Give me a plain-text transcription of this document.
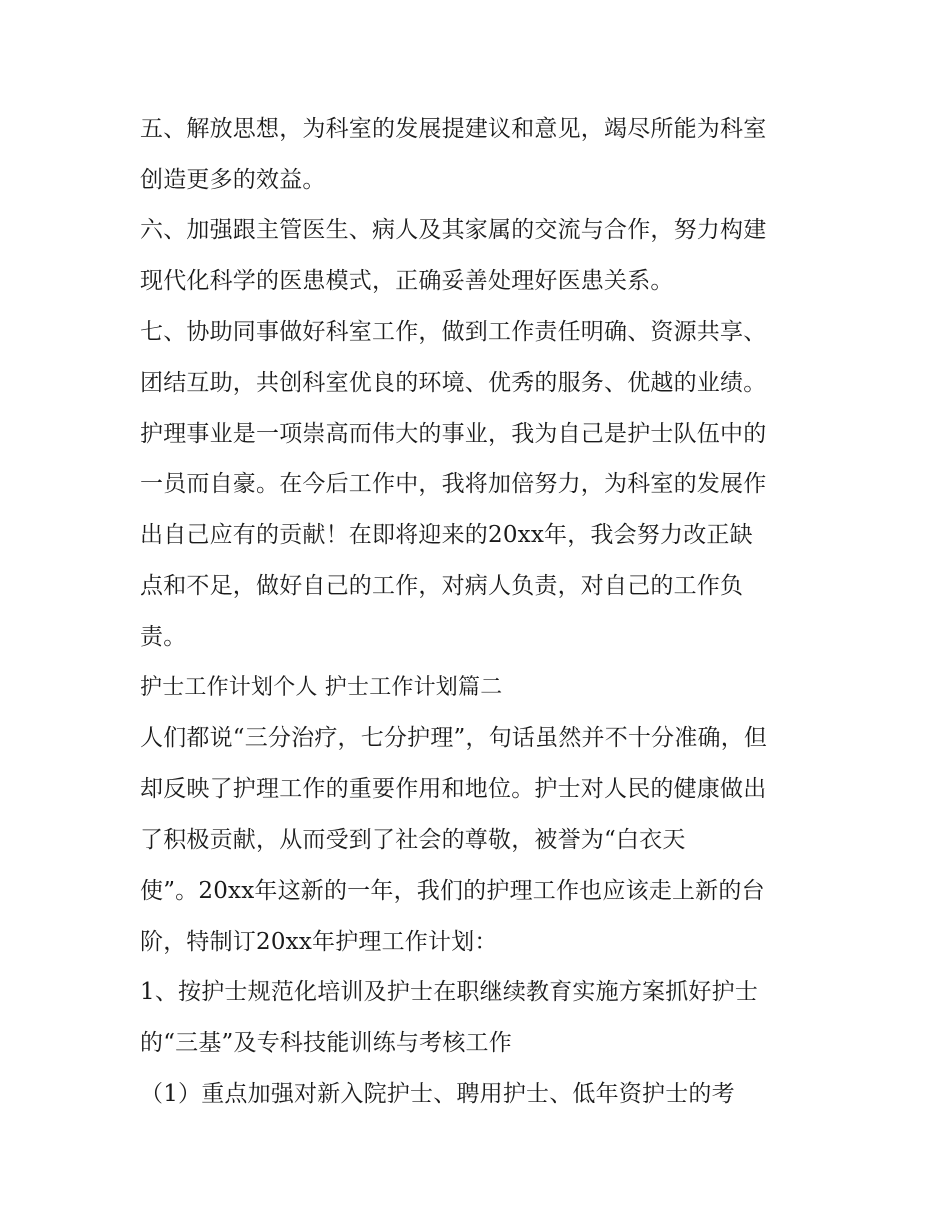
五、解放思想，为科室的发展提建议和意见，竭尽所能为科室
创造更多的效益。
六、加强跟主管医生、病人及其家属的交流与合作，努力构建
现代化科学的医患模式，正确妥善处理好医患关系。
七、协助同事做好科室工作，做到工作责任明确、资源共享、
团结互助，共创科室优良的环境、优秀的服务、优越的业绩。
护理事业是一项崇高而伟大的事业，我为自己是护士队伍中的
一员而自豪。在今后工作中，我将加倍努力，为科室的发展作
出自己应有的贡献！在即将迎来的20xx年，我会努力改正缺
点和不足，做好自己的工作，对病人负责，对自己的工作负
责。
护士工作计划个人 护士工作计划篇二
人们都说“三分治疗，七分护理”，句话虽然并不十分准确，但
却反映了护理工作的重要作用和地位。护士对人民的健康做出
了积极贡献，从而受到了社会的尊敬，被誉为“白衣天
使”。20xx年这新的一年，我们的护理工作也应该走上新的台
阶，特制订20xx年护理工作计划：
1、按护士规范化培训及护士在职继续教育实施方案抓好护士
的“三基”及专科技能训练与考核工作
（1）重点加强对新入院护士、聘用护士、低年资护士的考
